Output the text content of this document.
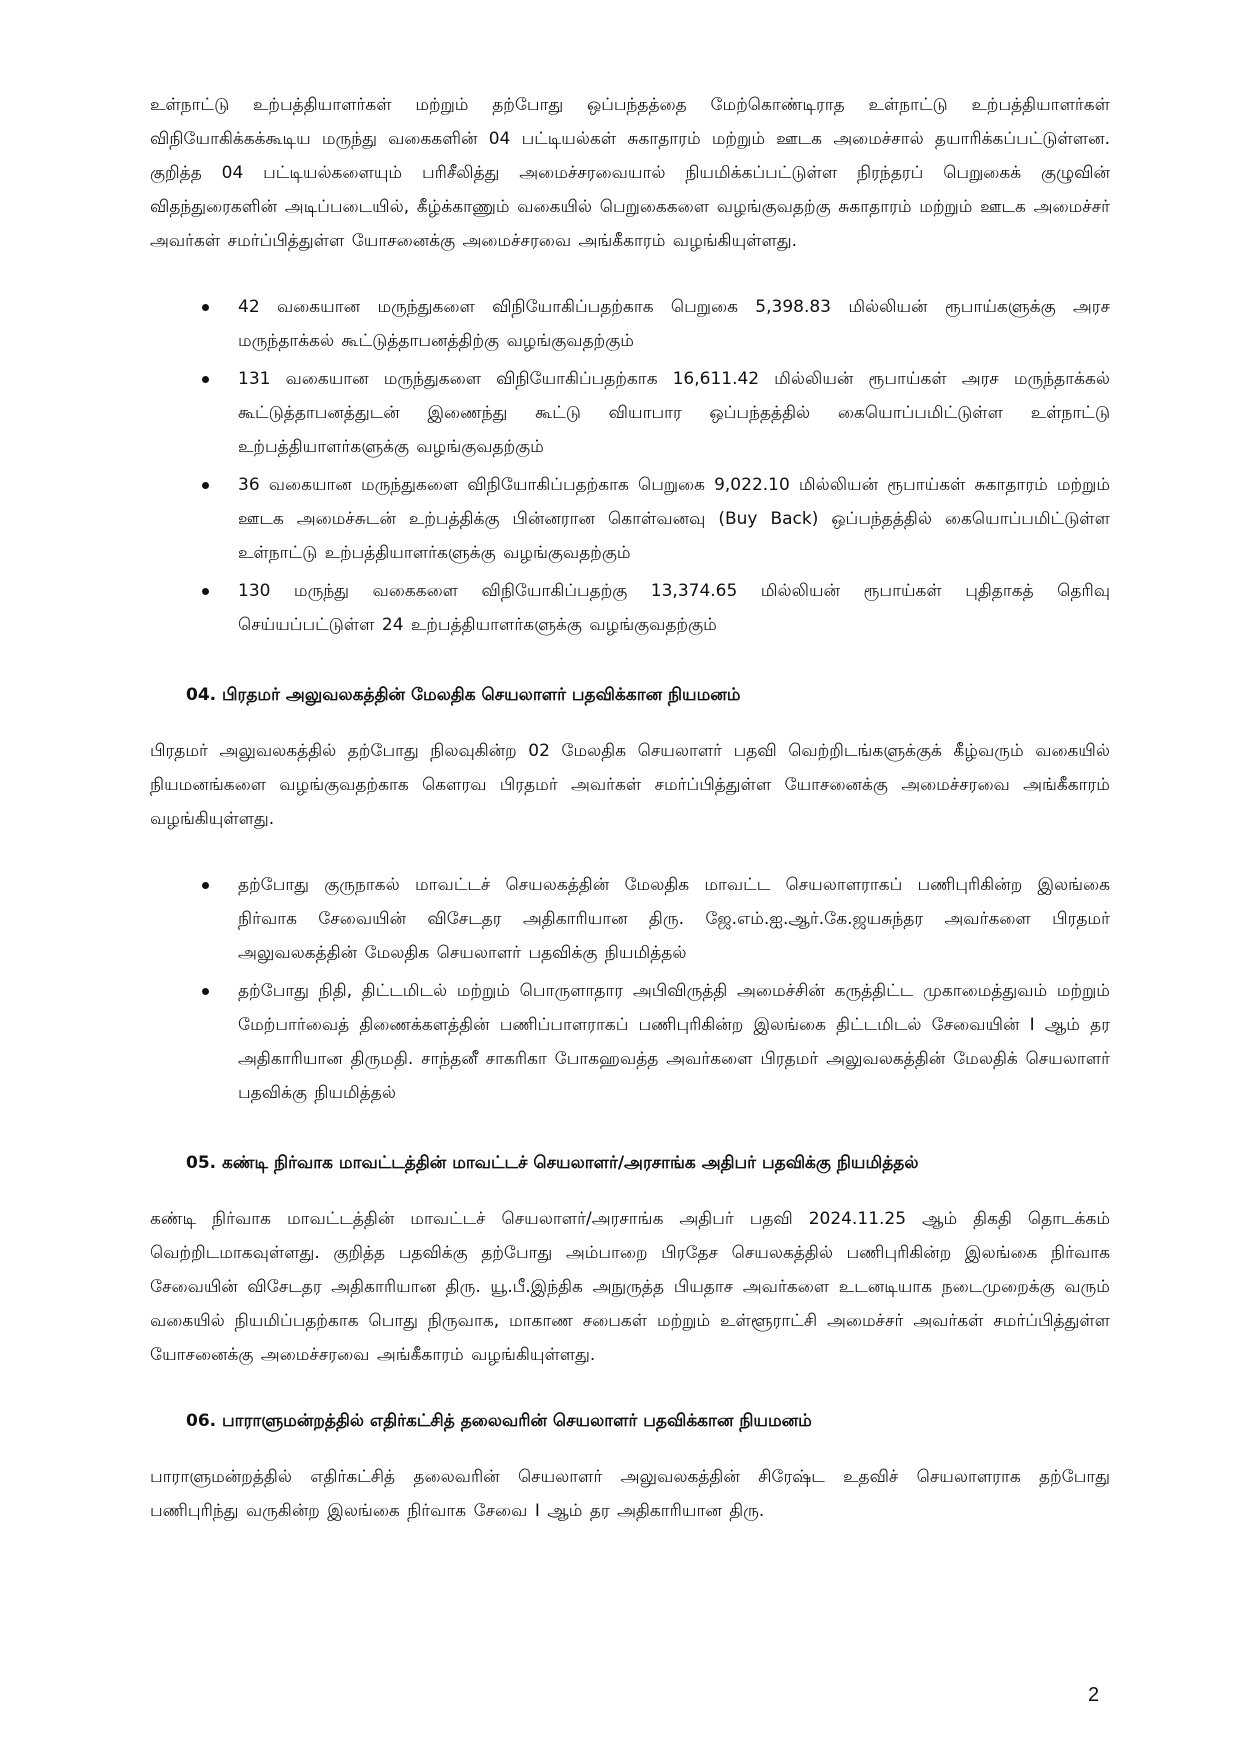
உள்நாட்டு உற்பத்தியாளர்கள் மற்றும் தற்போது ஒப்பந்தத்தை மேற்கொண்டிராத உள்நாட்டு உற்பத்தியாளர்கள் விநியோகிக்கக்கூடிய மருந்து வகைகளின் 04 பட்டியல்கள் சுகாதாரம் மற்றும் ஊடக அமைச்சால் தயாரிக்கப்பட்டுள்ளன. குறித்த 04 பட்டியல்களையும் பரிசீலித்து அமைச்சரவையால் நியமிக்கப்பட்டுள்ள நிரந்தரப் பெறுகைக் குழுவின் விதந்துரைகளின் அடிப்படையில், கீழ்க்காணும் வகையில் பெறுகைகளை வழங்குவதற்கு சுகாதாரம் மற்றும் ஊடக அமைச்சர் அவர்கள் சமர்ப்பித்துள்ள யோசனைக்கு அமைச்சரவை அங்கீகாரம் வழங்கியுள்ளது.

42 வகையான மருந்துகளை விநியோகிப்பதற்காக பெறுகை 5,398.83 மில்லியன் ரூபாய்களுக்கு அரச மருந்தாக்கல் கூட்டுத்தாபனத்திற்கு வழங்குவதற்கும்
131 வகையான மருந்துகளை விநியோகிப்பதற்காக 16,611.42 மில்லியன் ரூபாய்கள் அரச மருந்தாக்கல் கூட்டுத்தாபனத்துடன் இணைந்து கூட்டு வியாபார ஒப்பந்தத்தில் கையொப்பமிட்டுள்ள உள்நாட்டு உற்பத்தியாளர்களுக்கு வழங்குவதற்கும்
36 வகையான மருந்துகளை விநியோகிப்பதற்காக பெறுகை 9,022.10 மில்லியன் ரூபாய்கள் சுகாதாரம் மற்றும் ஊடக அமைச்சுடன் உற்பத்திக்கு பின்னரான கொள்வனவு (Buy Back) ஒப்பந்தத்தில் கையொப்பமிட்டுள்ள உள்நாட்டு உற்பத்தியாளர்களுக்கு வழங்குவதற்கும்
130 மருந்து வகைகளை விநியோகிப்பதற்கு 13,374.65 மில்லியன் ரூபாய்கள் புதிதாகத் தெரிவு செய்யப்பட்டுள்ள 24 உற்பத்தியாளர்களுக்கு வழங்குவதற்கும்
04. பிரதமர் அலுவலகத்தின் மேலதிக செயலாளர் பதவிக்கான நியமனம்

பிரதமர் அலுவலகத்தில் தற்போது நிலவுகின்ற 02 மேலதிக செயலாளர் பதவி வெற்றிடங்களுக்குக் கீழ்வரும் வகையில் நியமனங்களை வழங்குவதற்காக கௌரவ பிரதமர் அவர்கள் சமர்ப்பித்துள்ள யோசனைக்கு அமைச்சரவை அங்கீகாரம் வழங்கியுள்ளது.

தற்போது குருநாகல் மாவட்டச் செயலகத்தின் மேலதிக மாவட்ட செயலாளராகப் பணிபுரிகின்ற இலங்கை நிர்வாக சேவையின் விசேடதர அதிகாரியான திரு. ஜே.எம்.ஐ.ஆர்.கே.ஜயசுந்தர அவர்களை பிரதமர் அலுவலகத்தின் மேலதிக செயலாளர் பதவிக்கு நியமித்தல்
தற்போது நிதி, திட்டமிடல் மற்றும் பொருளாதார அபிவிருத்தி அமைச்சின் கருத்திட்ட முகாமைத்துவம் மற்றும் மேற்பார்வைத் திணைக்களத்தின் பணிப்பாளராகப் பணிபுரிகின்ற இலங்கை திட்டமிடல் சேவையின் I ஆம் தர அதிகாரியான திருமதி. சாந்தனீ சாகரிகா போகஹவத்த அவர்களை பிரதமர் அலுவலகத்தின் மேலதிக் செயலாளர் பதவிக்கு நியமித்தல்
05. கண்டி நிர்வாக மாவட்டத்தின் மாவட்டச் செயலாளர்/அரசாங்க அதிபர் பதவிக்கு நியமித்தல்

கண்டி நிர்வாக மாவட்டத்தின் மாவட்டச் செயலாளர்/அரசாங்க அதிபர் பதவி 2024.11.25 ஆம் திகதி தொடக்கம் வெற்றிடமாகவுள்ளது. குறித்த பதவிக்கு தற்போது அம்பாறை பிரதேச செயலகத்தில் பணிபுரிகின்ற இலங்கை நிர்வாக சேவையின் விசேடதர அதிகாரியான திரு. யூ.பீ.இந்திக அநுருத்த பியதாச அவர்களை உடனடியாக நடைமுறைக்கு வரும் வகையில் நியமிப்பதற்காக பொது நிருவாக, மாகாண சபைகள் மற்றும் உள்ளூராட்சி அமைச்சர் அவர்கள் சமர்ப்பித்துள்ள யோசனைக்கு அமைச்சரவை அங்கீகாரம் வழங்கியுள்ளது.

06. பாராளுமன்றத்தில் எதிர்கட்சித் தலைவரின் செயலாளர் பதவிக்கான நியமனம்

பாராளுமன்றத்தில் எதிர்கட்சித் தலைவரின் செயலாளர் அலுவலகத்தின் சிரேஷ்ட உதவிச் செயலாளராக தற்போது பணிபுரிந்து வருகின்ற இலங்கை நிர்வாக சேவை I ஆம் தர அதிகாரியான திரு.

2
